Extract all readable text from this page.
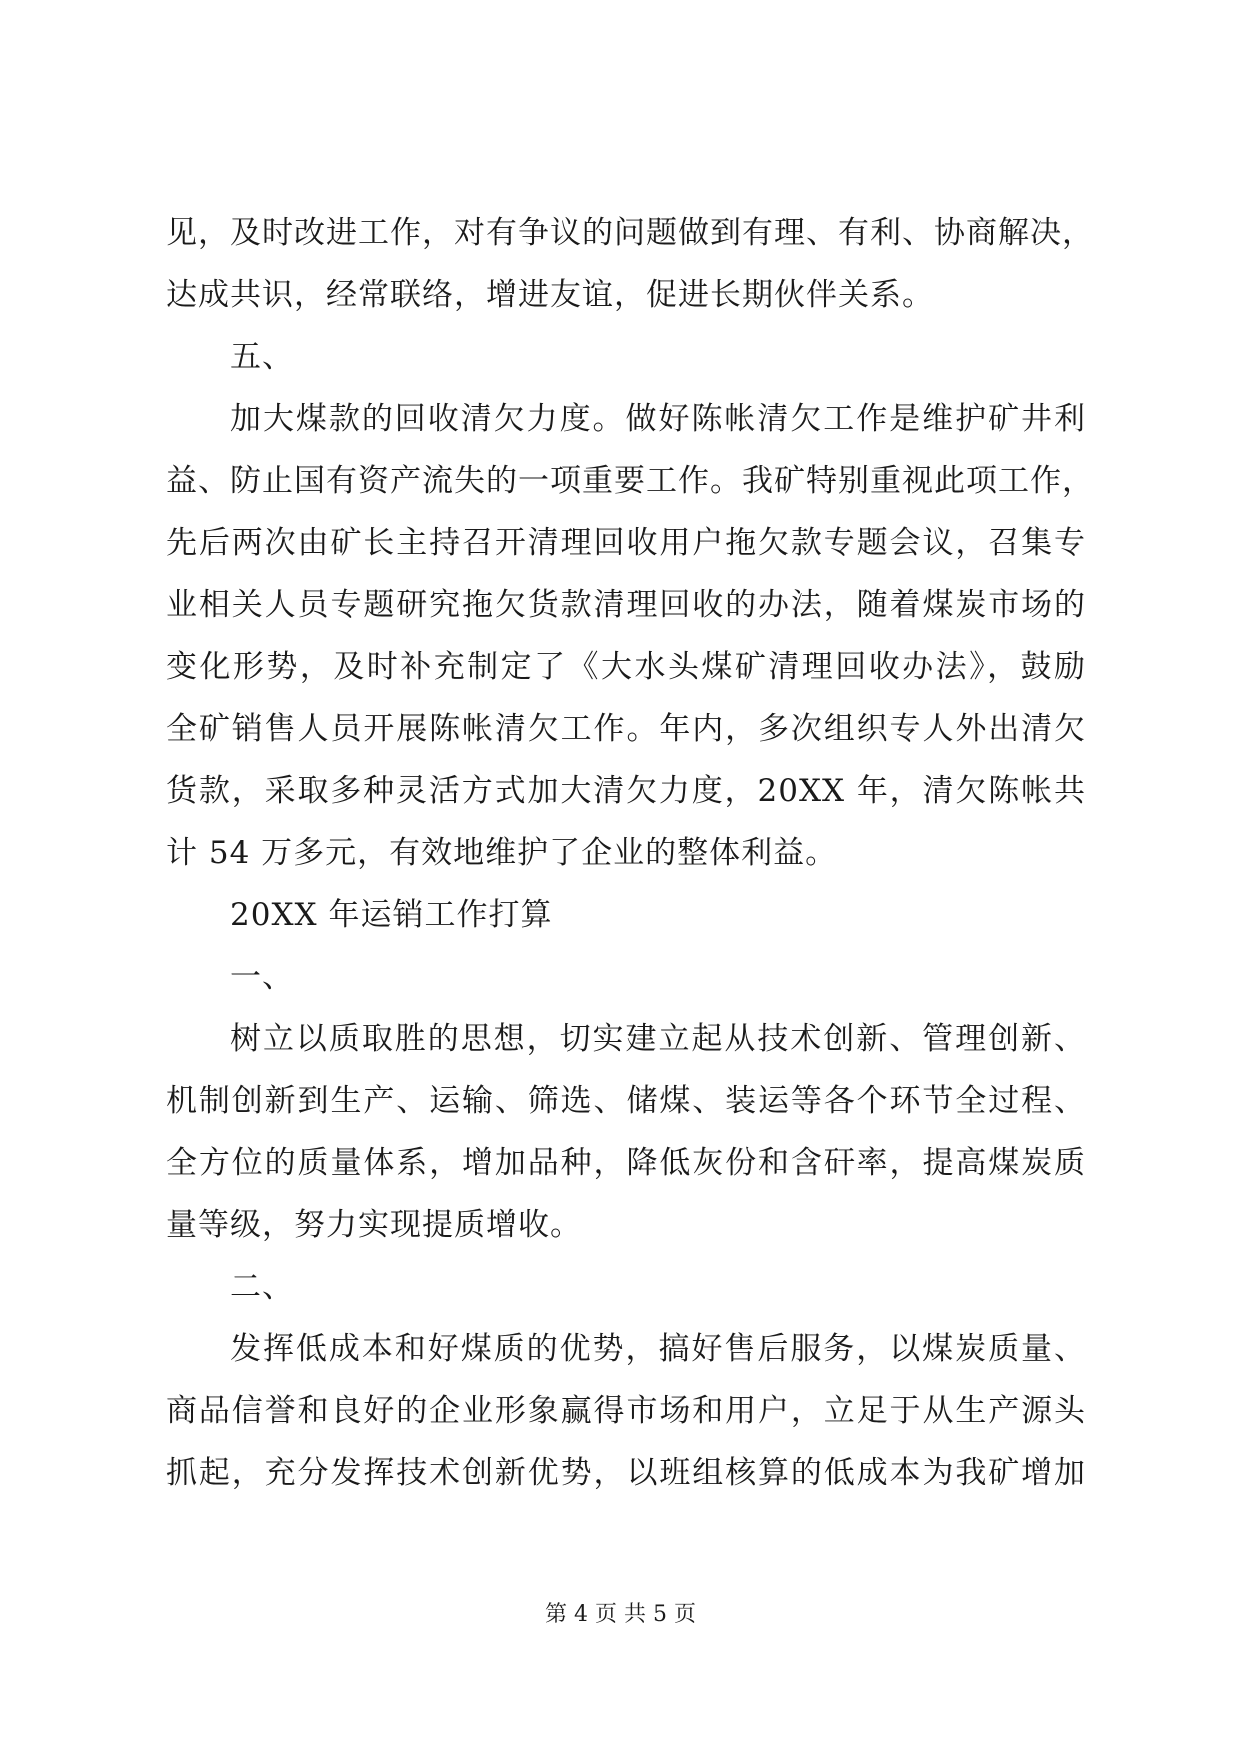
见，及时改进工作，对有争议的问题做到有理、有利、协商解决，
达成共识，经常联络，增进友谊，促进长期伙伴关系。
五、
加大煤款的回收清欠力度。做好陈帐清欠工作是维护矿井利
益、防止国有资产流失的一项重要工作。我矿特别重视此项工作，
先后两次由矿长主持召开清理回收用户拖欠款专题会议，召集专
业相关人员专题研究拖欠货款清理回收的办法，随着煤炭市场的
变化形势，及时补充制定了《大水头煤矿清理回收办法》，鼓励
全矿销售人员开展陈帐清欠工作。年内，多次组织专人外出清欠
货款，采取多种灵活方式加大清欠力度，20XX 年，清欠陈帐共
计 54 万多元，有效地维护了企业的整体利益。
20XX 年运销工作打算
一、
树立以质取胜的思想，切实建立起从技术创新、管理创新、
机制创新到生产、运输、筛选、储煤、装运等各个环节全过程、
全方位的质量体系，增加品种，降低灰份和含矸率，提高煤炭质
量等级，努力实现提质增收。
二、
发挥低成本和好煤质的优势，搞好售后服务，以煤炭质量、
商品信誉和良好的企业形象赢得市场和用户，立足于从生产源头
抓起，充分发挥技术创新优势，以班组核算的低成本为我矿增加
第 4 页 共 5 页
